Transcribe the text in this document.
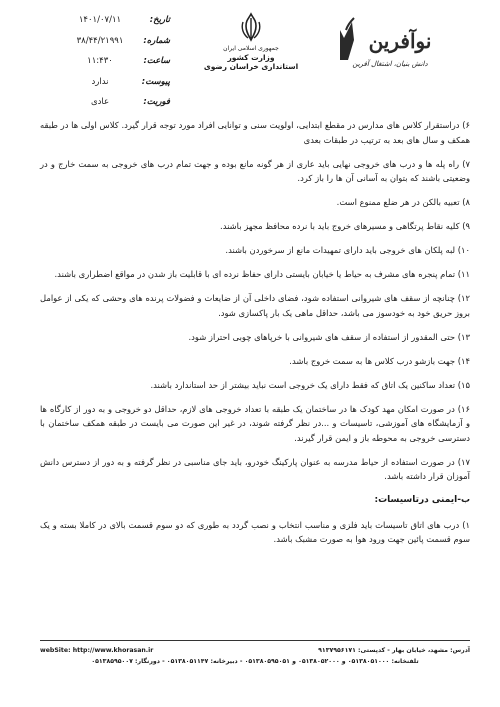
تاریخ:
۱۴۰۱/۰۷/۱۱
شماره:
۳۸/۴۴/۲۱۹۹۱
ساعت:
۱۱:۴۳۰
پیوست:
ندارد
فوریت:
عادی
جمهوری اسلامی ایران
وزارت کشور
استانداری خراسان رضوی
نوآفرین
دانش بنیان، اشتغال آفرین

۶) دراستقرار کلاس های مدارس در مقطع ابتدایی، اولویت سنی و توانایی افراد مورد توجه قرار گیرد. کلاس اولی ها در طبقه همکف و سال های بعد به ترتیب در طبقات بعدی

۷) راه پله ها و درب های خروجی نهایی باید عاری از هر گونه مانع بوده و جهت تمام درب های خروجی به سمت خارج و در وضعیتی باشند که بتوان به آسانی آن ها را باز کرد.

۸) تعبیه بالکن در هر ضلع ممنوع است.

۹) کلیه نقاط پرتگاهی و مسیرهای خروج باید با نرده محافظ مجهز باشند.

۱۰) لبه پلکان های خروجی باید دارای تمهیدات مانع از سرخوردن باشند.

۱۱) تمام پنجره های مشرف به حیاط یا خیابان بایستی دارای حفاظ نرده ای با قابلیت باز شدن در مواقع اضطراری باشند.

۱۲) چنانچه از سقف های شیروانی استفاده شود، فضای داخلی آن از ضایعات و فضولات پرنده های وحشی که یکی از عوامل بروز حریق خود به خودسوز می باشد، حداقل ماهی یک بار پاکسازی شود.

۱۳) حتی المقدور از استفاده از سقف های شیروانی با خرپاهای چوبی احتراز شود.

۱۴) جهت بازشو درب کلاس ها به سمت خروج باشد.

۱۵) تعداد ساکنین یک اتاق که فقط دارای یک خروجی است نباید بیشتر از حد استاندارد باشند.

۱۶) در صورت امکان مهد کودک ها در ساختمان یک طبقه با تعداد خروجی های لازم، حداقل دو خروجی و به دور از کارگاه ها و آزمایشگاه های آموزشی، تاسیسات و ...در نظر گرفته شوند، در غیر این صورت می بایست در طبقه همکف ساختمان با دسترسی خروجی به محوطه باز و ایمن قرار گیرند.

۱۷) در صورت استفاده از حیاط مدرسه به عنوان پارکینگ خودرو، باید جای مناسبی در نظر گرفته و به دور از دسترس دانش آموزان قرار داشته باشد.

ب-ایمنی درتاسیسات:

۱) درب های اتاق تاسیسات باید فلزی و مناسب انتخاب و نصب گردد به طوری که دو سوم قسمت بالای در کاملا بسته و یک سوم قسمت پائین جهت ورود هوا به صورت مشبک باشد.

webSite: http://www.khorasan.ir	آدرس: مشهد، خیابان بهار - کدپستی: ۹۱۳۷۹۵۶۱۷۱
تلفنخانه: ۰۵۱۳۸۰۵۱۰۰۰ و ۰۵۱۳۸۰۵۲۰۰۰ و ۰۵۱۳۸۰۵۹۵۰۵۱ - دبیرخانه: ۰۵۱۳۸۰۵۱۱۴۷ - دورنگار: ۰۵۱۳۸۵۹۵۰۰۷
